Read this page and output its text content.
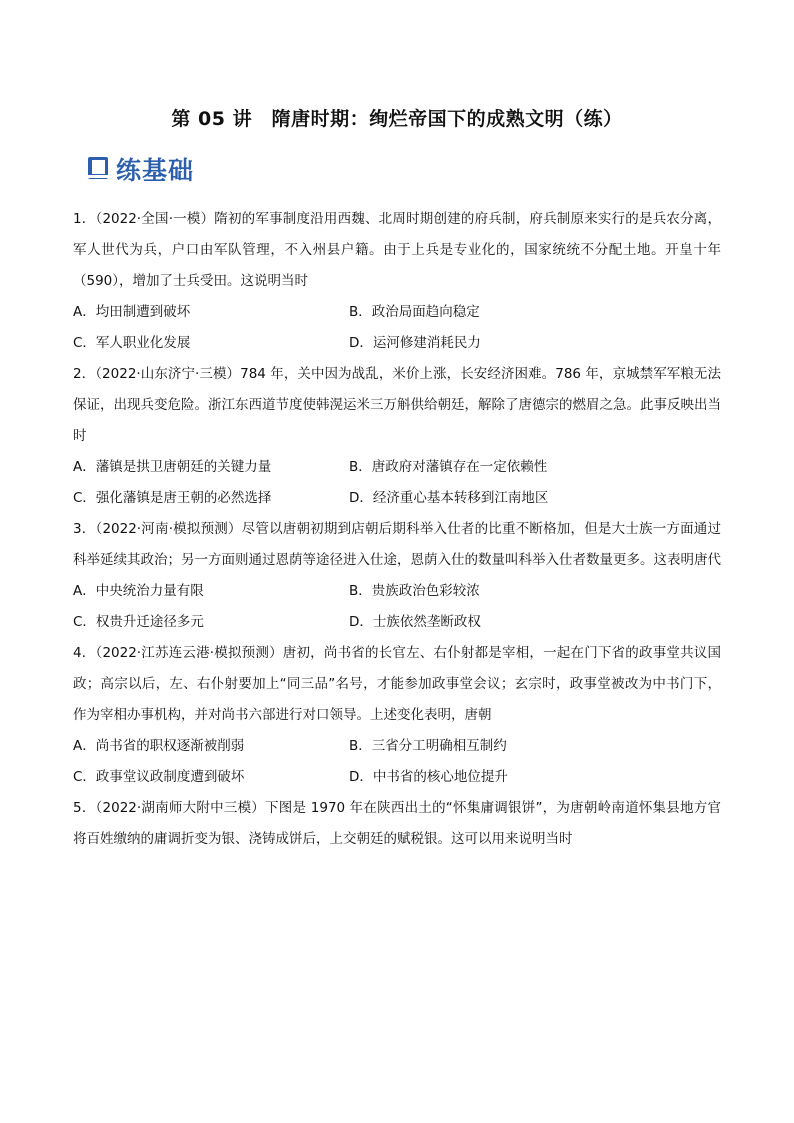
第 05 讲　隋唐时期：绚烂帝国下的成熟文明（练）
练基础

1．（2022·全国·一模）隋初的军事制度沿用西魏、北周时期创建的府兵制，府兵制原来实行的是兵农分离，军人世代为兵，户口由军队管理，不入州县户籍。由于上兵是专业化的，国家统统不分配土地。开皇十年（590），增加了士兵受田。这说明当时

A．均田制遭到破坏	B．政治局面趋向稳定
C．军人职业化发展	D．运河修建消耗民力

2．（2022·山东济宁·三模）784 年，关中因为战乱，米价上涨，长安经济困难。786 年，京城禁军军粮无法保证，出现兵变危险。浙江东西道节度使韩滉运米三万斛供给朝廷，解除了唐德宗的燃眉之急。此事反映出当时

A．藩镇是拱卫唐朝廷的关键力量	B．唐政府对藩镇存在一定依赖性
C．强化藩镇是唐王朝的必然选择	D．经济重心基本转移到江南地区

3．（2022·河南·模拟预测）尽管以唐朝初期到店朝后期科举入仕者的比重不断格加，但是大士族一方面通过科举延续其政治；另一方面则通过恩荫等途径进入仕途，恩荫入仕的数量叫科举入仕者数量更多。这表明唐代

A．中央统治力量有限	B．贵族政治色彩较浓
C．权贵升迁途径多元	D．士族依然垄断政权

4．（2022·江苏连云港·模拟预测）唐初，尚书省的长官左、右仆射都是宰相，一起在门下省的政事堂共议国政；高宗以后，左、右仆射要加上“同三品”名号，才能参加政事堂会议；玄宗时，政事堂被改为中书门下，作为宰相办事机构，并对尚书六部进行对口领导。上述变化表明，唐朝

A．尚书省的职权逐渐被削弱	B．三省分工明确相互制约
C．政事堂议政制度遭到破坏	D．中书省的核心地位提升

5．（2022·湖南师大附中三模）下图是 1970 年在陕西出土的“怀集庸调银饼”，为唐朝岭南道怀集县地方官将百姓缴纳的庸调折变为银、浇铸成饼后，上交朝廷的赋税银。这可以用来说明当时
